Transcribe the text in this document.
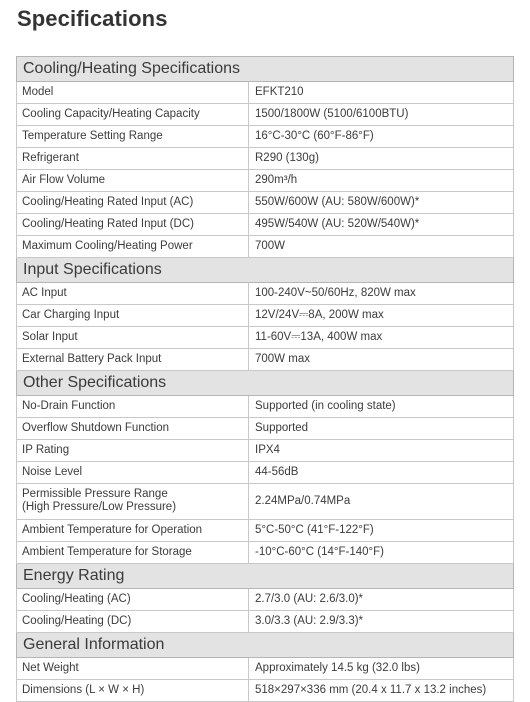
Specifications
Cooling/Heating Specifications	
Model	EFKT210
Cooling Capacity/Heating Capacity	1500/1800W (5100/6100BTU)
Temperature Setting Range	16°C-30°C (60°F-86°F)
Refrigerant	R290 (130g)
Air Flow Volume	290m³/h
Cooling/Heating Rated Input (AC)	550W/600W (AU: 580W/600W)*
Cooling/Heating Rated Input (DC)	495W/540W (AU: 520W/540W)*
Maximum Cooling/Heating Power	700W
Input Specifications	
AC Input	100-240V~50/60Hz, 820W max
Car Charging Input	12V/24V⎓8A, 200W max
Solar Input	11-60V⎓13A, 400W max
External Battery Pack Input	700W max
Other Specifications	
No-Drain Function	Supported (in cooling state)
Overflow Shutdown Function	Supported
IP Rating	IPX4
Noise Level	44-56dB
Permissible Pressure Range
(High Pressure/Low Pressure)	2.24MPa/0.74MPa
Ambient Temperature for Operation	5°C-50°C (41°F-122°F)
Ambient Temperature for Storage	-10°C-60°C (14°F-140°F)
Energy Rating	
Cooling/Heating (AC)	2.7/3.0 (AU: 2.6/3.0)*
Cooling/Heating (DC)	3.0/3.3 (AU: 2.9/3.3)*
General Information	
Net Weight	Approximately 14.5 kg (32.0 lbs)
Dimensions (L × W × H)	518×297×336 mm (20.4 x 11.7 x 13.2 inches)
